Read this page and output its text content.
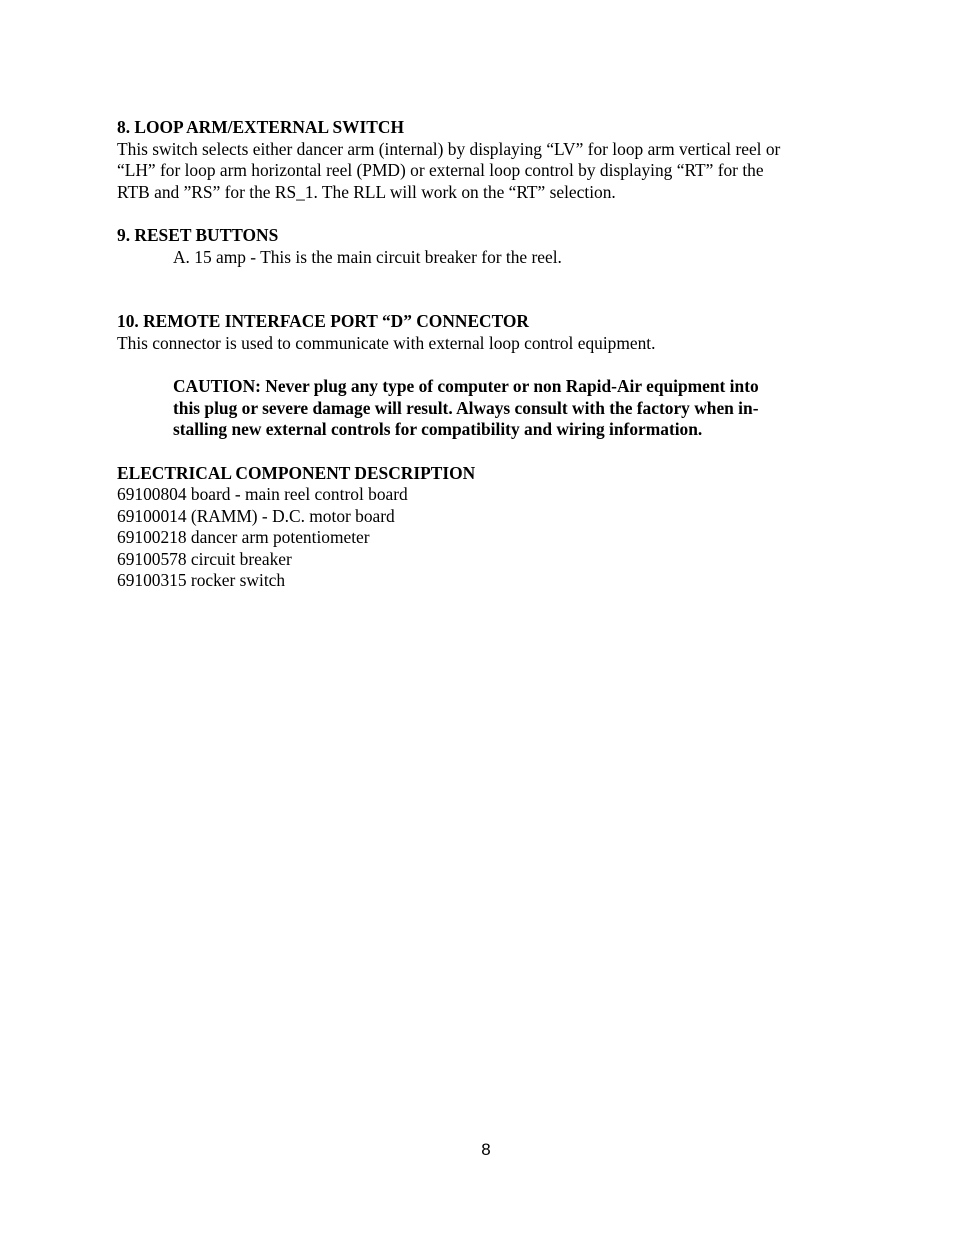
8. LOOP ARM/EXTERNAL SWITCH

This switch selects either dancer arm (internal) by displaying “LV” for loop arm vertical reel or
“LH” for loop arm horizontal reel (PMD) or external loop control by displaying “RT” for the
RTB and ”RS” for the RS_1. The RLL will work on the “RT” selection.

9. RESET BUTTONS

A. 15 amp - This is the main circuit breaker for the reel.

10. REMOTE INTERFACE PORT “D” CONNECTOR

This connector is used to communicate with external loop control equipment.

CAUTION: Never plug any type of computer or non Rapid-Air equipment into
this plug or severe damage will result. Always consult with the factory when in-
stalling new external controls for compatibility and wiring information.

ELECTRICAL COMPONENT DESCRIPTION

69100804 board - main reel control board

69100014 (RAMM) - D.C. motor board

69100218 dancer arm potentiometer

69100578 circuit breaker

69100315 rocker switch

8
